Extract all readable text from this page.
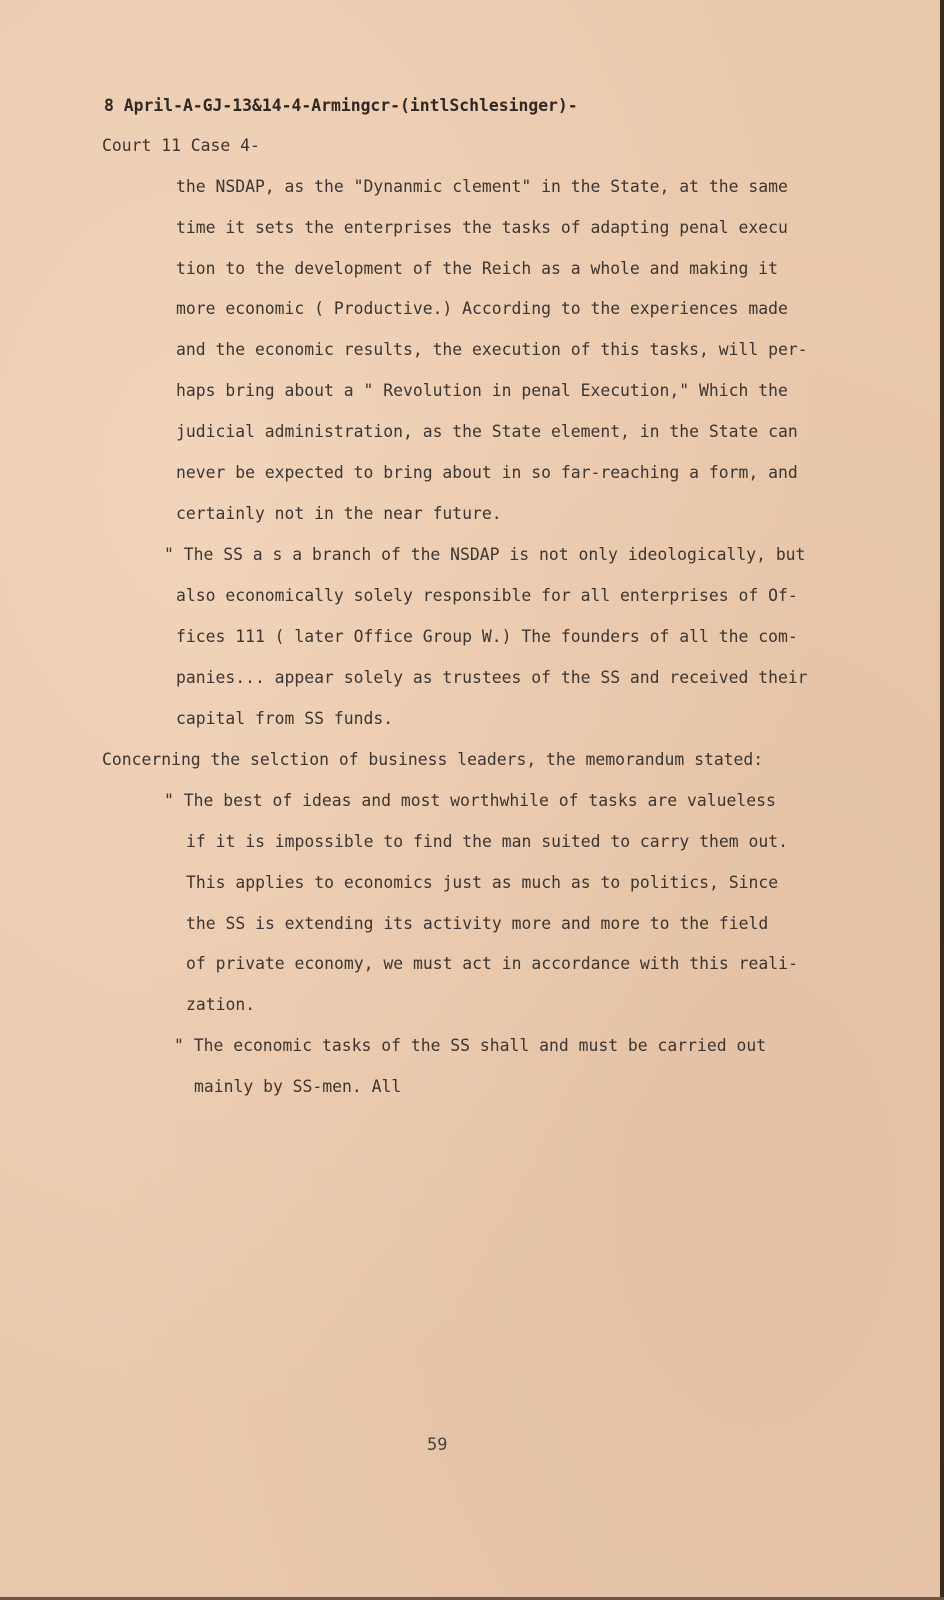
8 April-A-GJ-13&14-4-Armingcr-(intlSchlesinger)-
Court 11 Case 4-
the NSDAP, as the "Dynanmic clement" in the State, at the same
time it sets the enterprises the tasks of adapting penal execu
tion to the development of the Reich as a whole and making it
more economic ( Productive.) According to the experiences made
and the economic results, the execution of this tasks, will per-
haps bring about a " Revolution in penal Execution," Which the
judicial administration, as the State element, in the State can
never be expected to bring about in so far-reaching a form, and
certainly not in the near future.
" The SS a s a branch of the NSDAP is not only ideologically, but
also economically solely responsible for all enterprises of Of-
fices 111 ( later Office Group W.) The founders of all the com-
panies... appear solely as trustees of the SS and received their
capital from SS funds.
Concerning the selction of business leaders, the memorandum stated:
" The best of ideas and most worthwhile of tasks are valueless
if it is impossible to find the man suited to carry them out.
This applies to economics just as much as to politics, Since
the SS is extending its activity more and more to the field
of private economy, we must act in accordance with this reali-
zation.
" The economic tasks of the SS shall and must be carried out
mainly by SS-men. All
59
